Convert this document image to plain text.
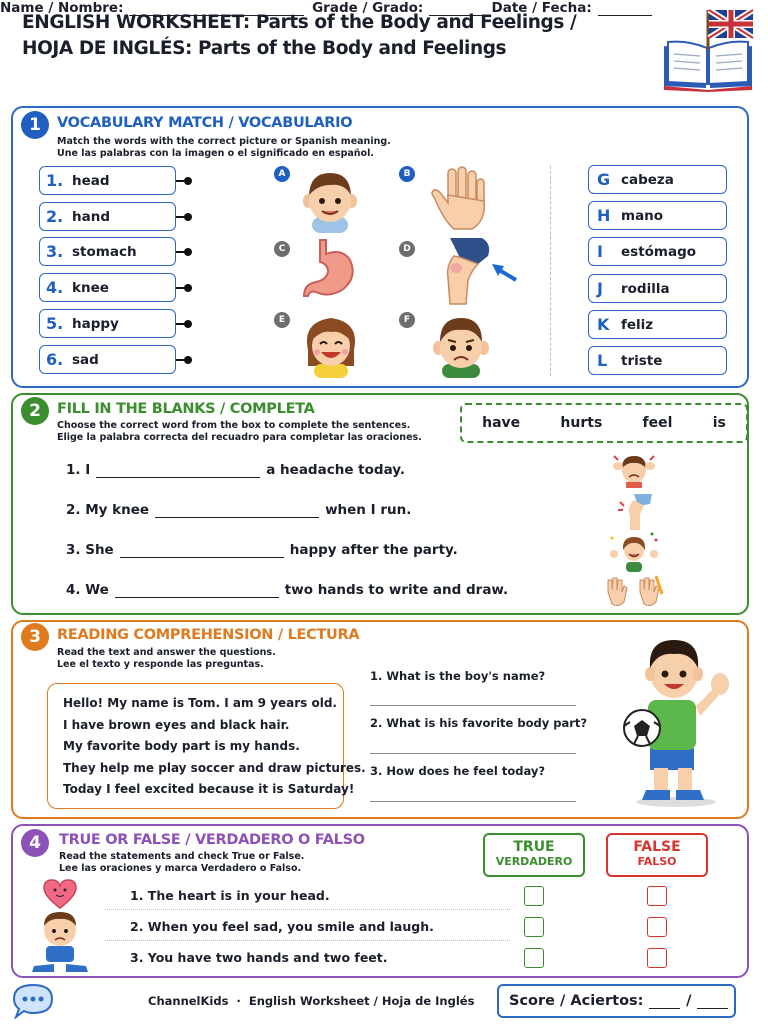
ENGLISH WORKSHEET: Parts of the Body and Feelings /
HOJA DE INGLÉS: Parts of the Body and Feelings
Name / Nombre:	Grade / Grado:	Date / Fecha:
1	VOCABULARY MATCH / VOCABULARIO
Match the words with the correct picture or Spanish meaning.
Une las palabras con la imagen o el significado en español.
1. head
2. hand
3. stomach
4. knee
5. happy
6. sad
A	B
C	D
E	F
G cabeza
H mano
I	estómago
J	rodilla
K feliz
L	triste
2	FILL IN THE BLANKS / COMPLETA
Choose the correct word from the box to complete the sentences.
Elige la palabra correcta del recuadro para completar las oraciones.
have	hurts	feel	is
1. I	a headache today.
2. My knee	when I run.
3. She	happy after the party.
4. We	two hands to write and draw.
3	READING COMPREHENSION / LECTURA
Read the text and answer the questions.
Lee el texto y responde las preguntas.
Hello! My name is Tom. I am 9 years old.
I have brown eyes and black hair.
My favorite body part is my hands.
They help me play soccer and draw pictures.
Today I feel excited because it is Saturday!
1. What is the boy's name?
2. What is his favorite body part?
3. How does he feel today?
4	TRUE OR FALSE / VERDADERO O FALSO
Read the statements and check True or False.
Lee las oraciones y marca Verdadero o Falso.
TRUE
VERDADERO
FALSE
FALSO
1. The heart is in your head.
2. When you feel sad, you smile and laugh.
3. You have two hands and two feet.
ChannelKids · English Worksheet / Hoja de Inglés Score / Aciertos:	/
